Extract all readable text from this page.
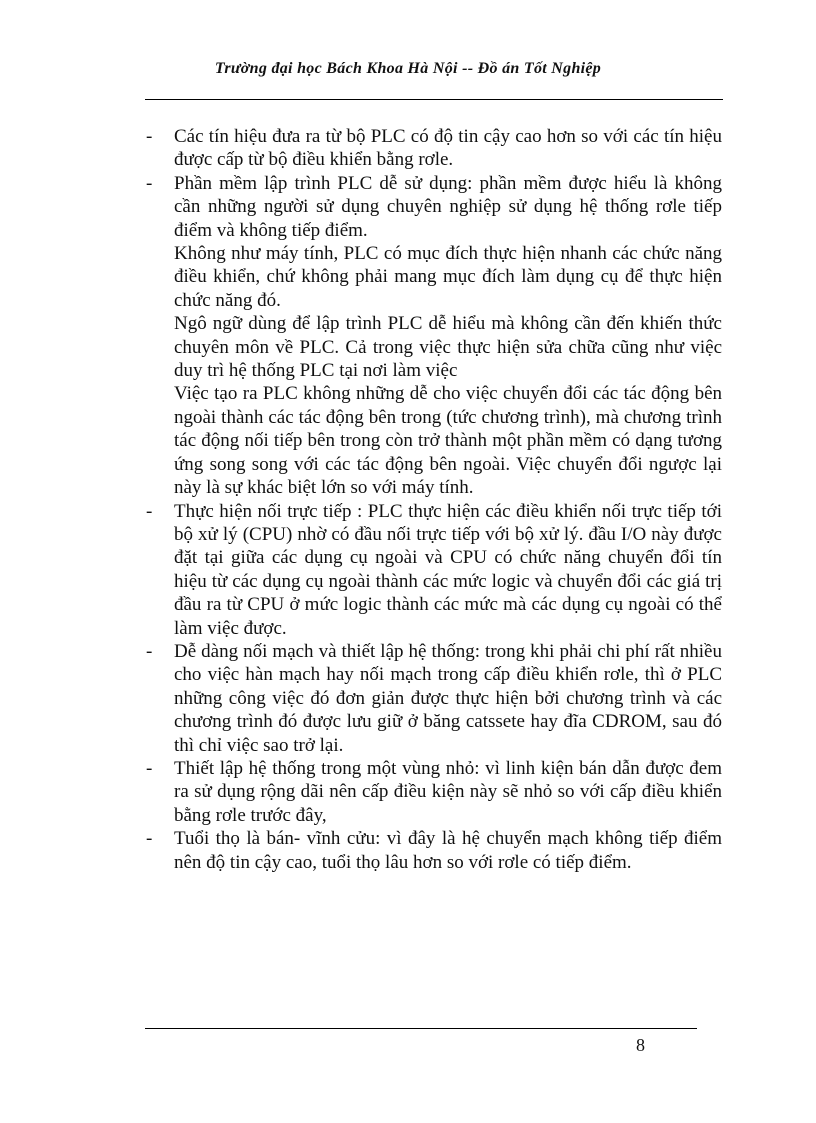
Trường đại học Bách Khoa Hà Nội -- Đồ án Tốt Nghiệp
- Các tín hiệu đưa ra từ bộ PLC có độ tin cậy cao hơn so với các tín hiệu được cấp từ bộ điều khiển bằng rơle.
- Phần mềm lập trình PLC dễ sử dụng: phần mềm được hiểu là không cần những người sử dụng chuyên nghiệp sử dụng hệ thống rơle tiếp điểm và không tiếp điểm.
Không như máy tính, PLC có mục đích thực hiện nhanh các chức năng điều khiển, chứ không phải mang mục đích làm dụng cụ để thực hiện chức năng đó.
Ngô ngữ dùng để lập trình PLC dễ hiểu mà không cần đến khiến thức chuyên môn về PLC. Cả trong việc thực hiện sửa chữa cũng như việc duy trì hệ thống PLC tại nơi làm việc
Việc tạo ra PLC không những dễ cho việc chuyển đổi các tác động bên ngoài thành các tác động bên trong (tức chương trình), mà chương trình tác động nối tiếp bên trong còn trở thành một phần mềm có dạng tương ứng song song với các tác động bên ngoài. Việc chuyển đổi ngược lại này là sự khác biệt lớn so với máy tính.
- Thực hiện nối trực tiếp : PLC thực hiện các điều khiển nối trực tiếp tới bộ xử lý (CPU) nhờ có đầu nối trực tiếp với bộ xử lý. đầu I/O này được đặt tại giữa các dụng cụ ngoài và CPU có chức năng chuyển đổi tín hiệu từ các dụng cụ ngoài thành các mức logic và chuyển đổi các giá trị đầu ra từ CPU ở mức logic thành các mức mà các dụng cụ ngoài có thể làm việc được.
- Dễ dàng nối mạch và thiết lập hệ thống: trong khi phải chi phí rất nhiều cho việc hàn mạch hay nối mạch trong cấp điều khiển rơle, thì ở PLC những công việc đó đơn giản được thực hiện bởi chương trình và các chương trình đó được lưu giữ ở băng catssete hay đĩa CDROM, sau đó thì chỉ việc sao trở lại.
- Thiết lập hệ thống trong một vùng nhỏ: vì linh kiện bán dẫn được đem ra sử dụng rộng dãi nên cấp điều kiện này sẽ nhỏ so với cấp điều khiển bằng rơle trước đây,
- Tuổi thọ là bán- vĩnh cửu: vì đây là hệ chuyển mạch không tiếp điểm nên độ tin cậy cao, tuổi thọ lâu hơn so với rơle có tiếp điểm.
8
